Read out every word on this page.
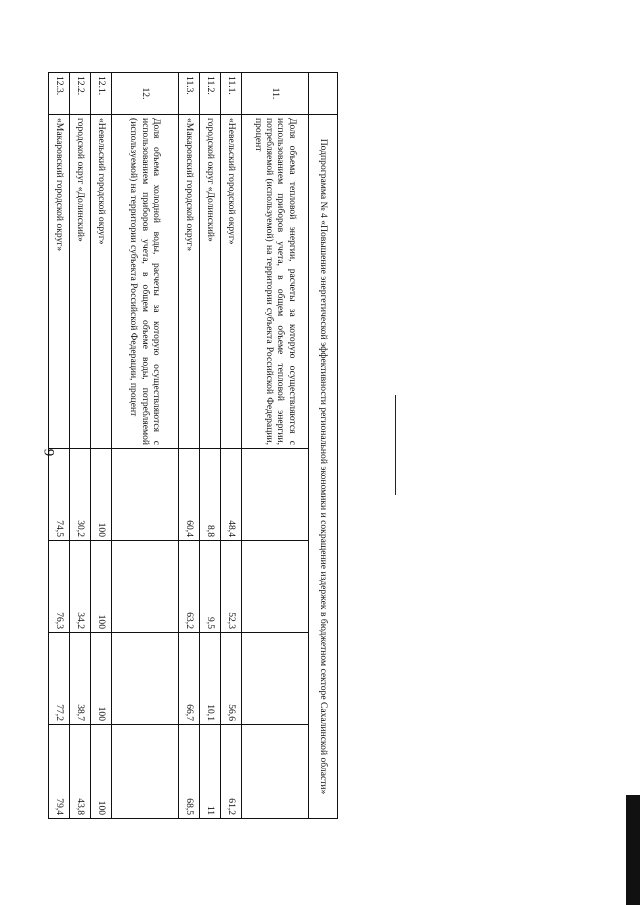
9
		Подпрограмма № 4 «Повышение энергетической эффективности региональной экономики и сокращение издержек в бюджетном секторе Сахалинской области»				
11.	Доля объема тепловой энергии, расчеты за которую осуществляются с использованием приборов учета, в общем объеме тепловой энергии, потребляемой (используемой) на территории субъекта Российской Федерации, процент				
11.1.	«Невельский городской округ»	48,4	52,3	56,6	61,2
11.2.	городской округ «Долинский»	8,8	9,5	10,1	11
11.3.	«Макаровский городской округ»	60,4	63,2	66,7	68,5
12.	Доля объема холодной воды, расчеты за которую осуществляются с использованием приборов учета, в общем объеме воды, потребляемой (используемой) на территории субъекта Российской Федерации, процент				
12.1.	«Невельский городской округ»	100	100	100	100
12.2.	городской округ «Долинский»	30,2	34,2	38,7	43,8
12.3.	«Макаровский городской округ»	74,5	76,3	77,2	79,4
